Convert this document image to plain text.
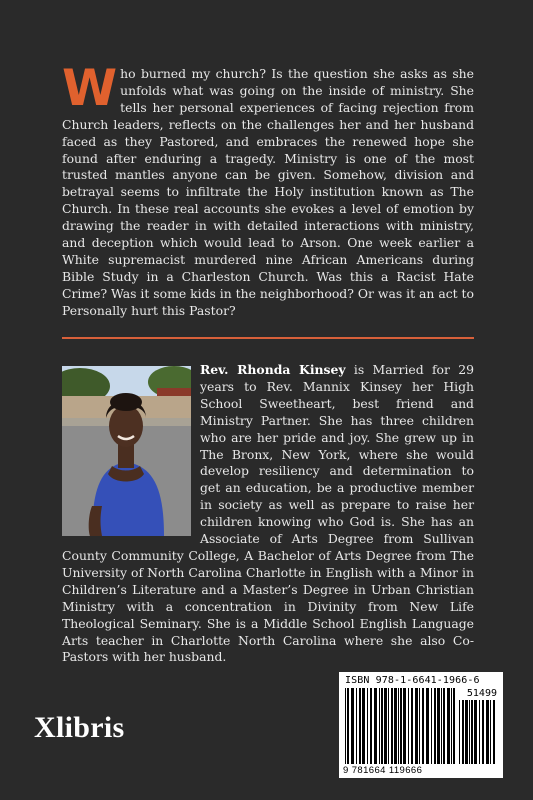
Who burned my church? Is the question she asks as she unfolds what was going on the inside of ministry. She tells her personal experiences of facing rejection from Church leaders, reflects on the challenges her and her husband faced as they Pastored, and embraces the renewed hope she found after enduring a tragedy. Ministry is one of the most trusted mantles anyone can be given. Somehow, division and betrayal seems to infiltrate the Holy institution known as The Church. In these real accounts she evokes a level of emotion by drawing the reader in with detailed interactions with ministry, and deception which would lead to Arson. One week earlier a White supremacist murdered nine African Americans during Bible Study in a Charleston Church. Was this a Racist Hate Crime? Was it some kids in the neighborhood? Or was it an act to Personally hurt this Pastor?
Rev. Rhonda Kinsey is Married for 29 years to Rev. Mannix Kinsey her High School Sweetheart, best friend and Ministry Partner. She has three children who are her pride and joy. She grew up in The Bronx, New York, where she would develop resiliency and determination to get an education, be a productive member in society as well as prepare to raise her children knowing who God is. She has an Associate of Arts Degree from Sullivan County Community College, A Bachelor of Arts Degree from The University of North Carolina Charlotte in English with a Minor in Children’s Literature and a Master’s Degree in Urban Christian Ministry with a concentration in Divinity from New Life Theological Seminary. She is a Middle School English Language Arts teacher in Charlotte North Carolina where she also Co-Pastors with her husband.
Xlibris
ISBN 978-1-6641-1966-6
51499
9 781664 119666
